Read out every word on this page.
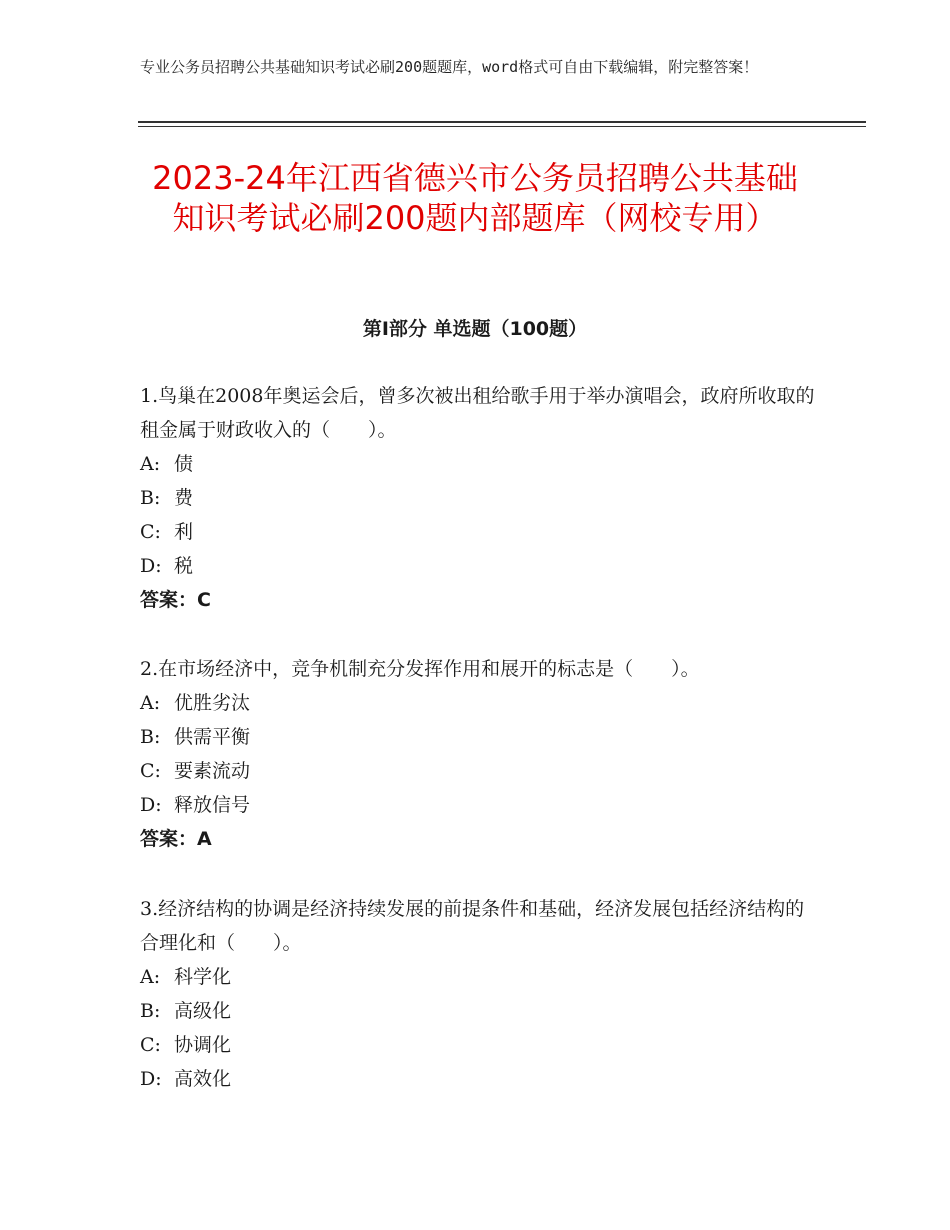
专业公务员招聘公共基础知识考试必刷200题题库，word格式可自由下载编辑，附完整答案！
2023-24年江西省德兴市公务员招聘公共基础知识考试必刷200题内部题库（网校专用）
第Ⅰ部分 单选题（100题）

1.鸟巢在2008年奥运会后，曾多次被出租给歌手用于举办演唱会，政府所收取的租金属于财政收入的（　　）。

A: 债

B: 费

C: 利

D: 税

答案：C

2.在市场经济中，竞争机制充分发挥作用和展开的标志是（　　）。

A: 优胜劣汰

B: 供需平衡

C: 要素流动

D: 释放信号

答案：A

3.经济结构的协调是经济持续发展的前提条件和基础，经济发展包括经济结构的合理化和（　　）。

A: 科学化

B: 高级化

C: 协调化

D: 高效化
